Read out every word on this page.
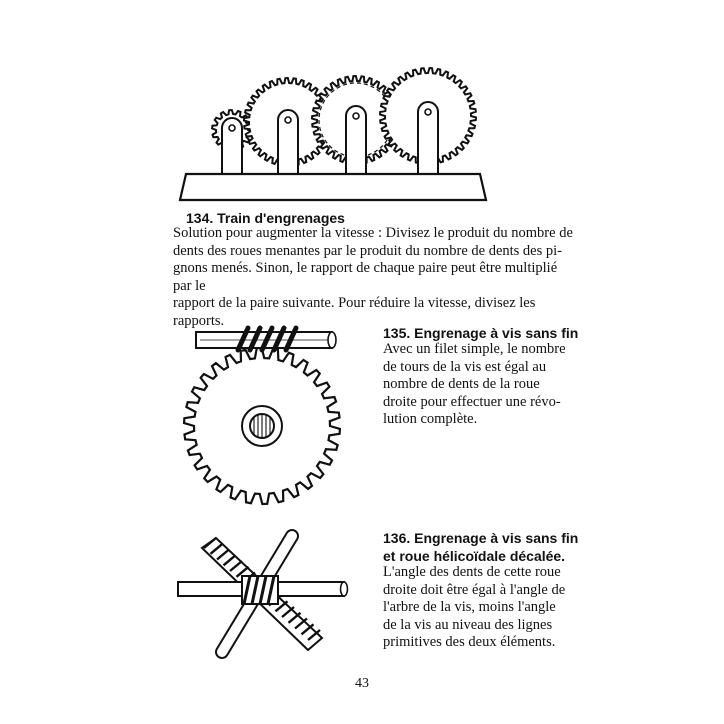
134. Train d'engrenages

Solution pour augmenter la vitesse : Divisez le produit du nombre de

dents des roues menantes par le produit du nombre de dents des pi-

gnons menés. Sinon, le rapport de chaque paire peut être multiplié par le

rapport de la paire suivante. Pour réduire la vitesse, divisez les rapports.

135. Engrenage à vis sans fin

Avec un filet simple, le nombre

de tours de la vis est égal au

nombre de dents de la roue

droite pour effectuer une révo-

lution complète.

136. Engrenage à vis sans fin
et roue hélicoïdale décalée.

L'angle des dents de cette roue

droite doit être égal à l'angle de

l'arbre de la vis, moins l'angle

de la vis au niveau des lignes

primitives des deux éléments.

43
